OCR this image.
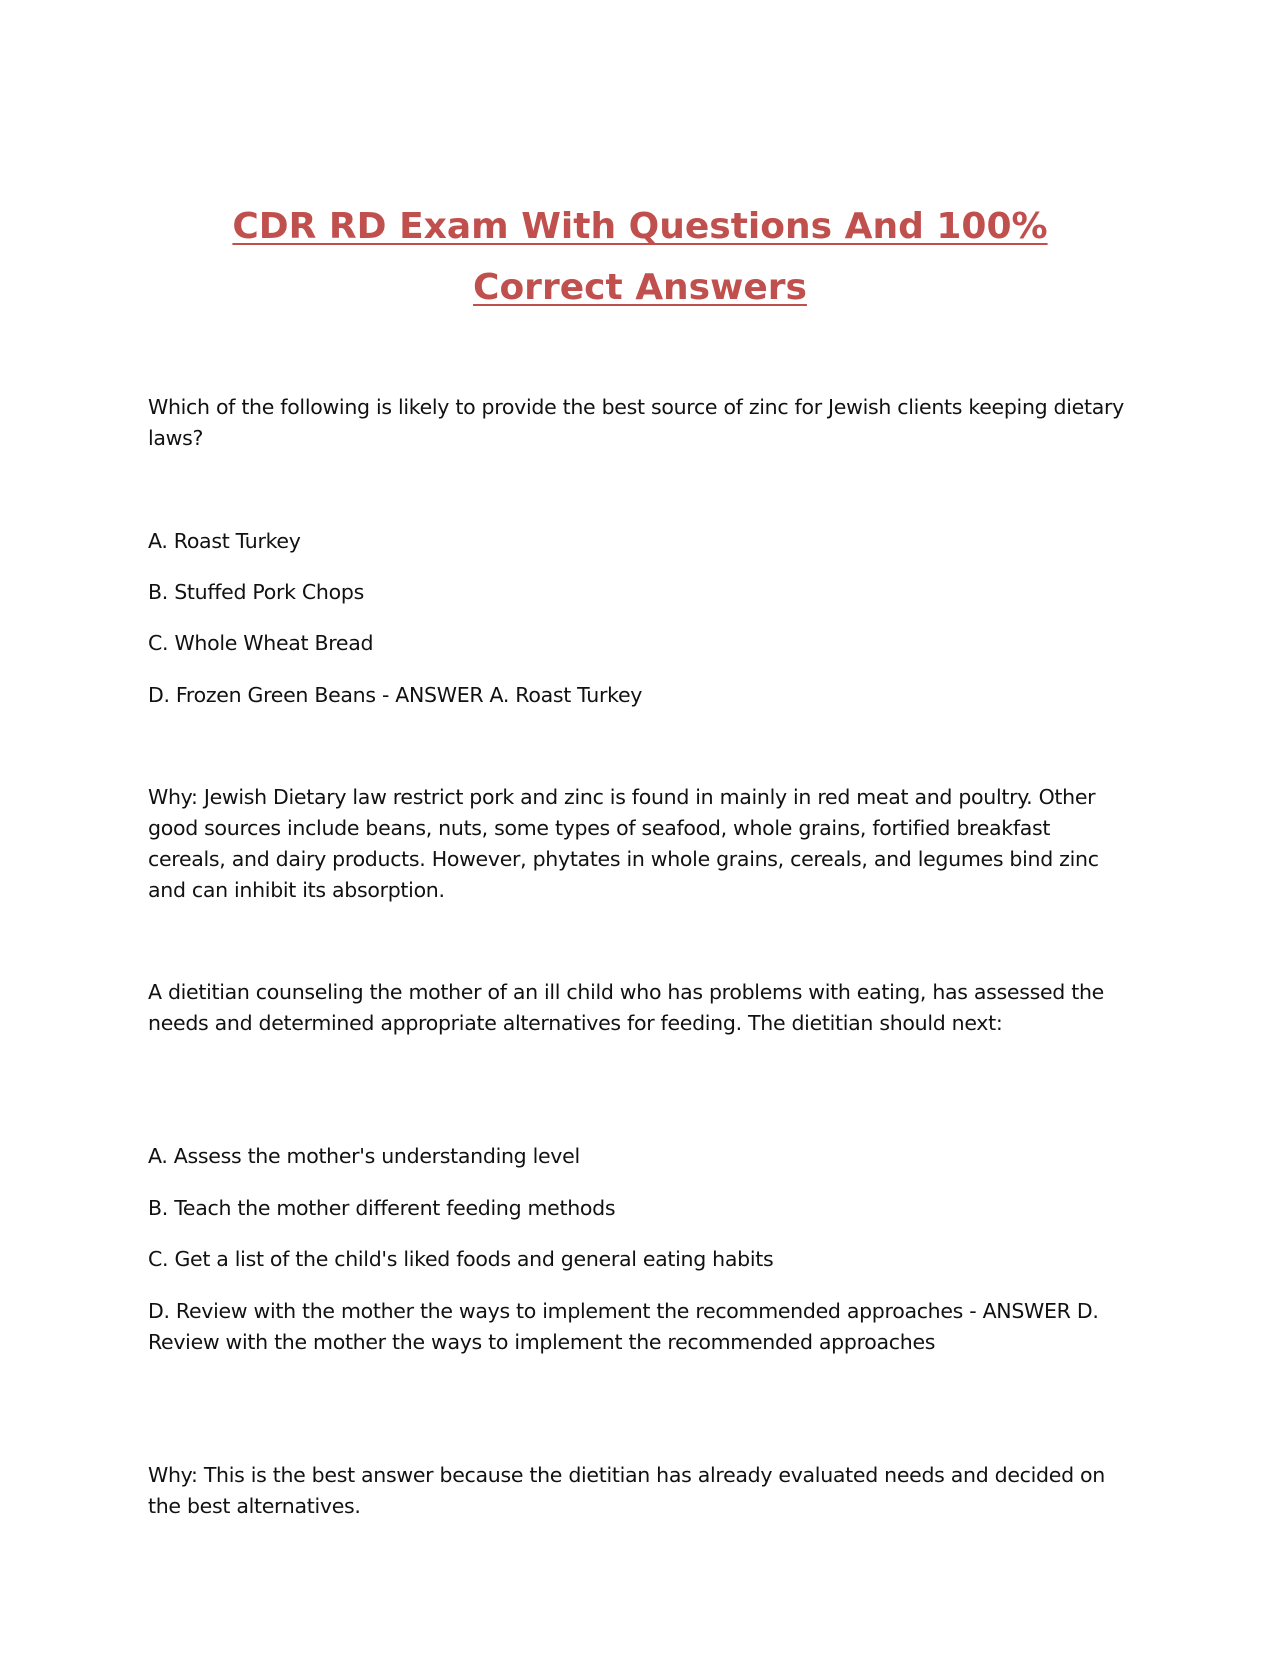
CDR RD Exam With Questions And 100%
Correct Answers

Which of the following is likely to provide the best source of zinc for Jewish clients keeping dietary laws?

A. Roast Turkey

B. Stuffed Pork Chops

C. Whole Wheat Bread

D. Frozen Green Beans - ANSWER A. Roast Turkey

Why: Jewish Dietary law restrict pork and zinc is found in mainly in red meat and poultry. Other good sources include beans, nuts, some types of seafood, whole grains, fortified breakfast cereals, and dairy products. However, phytates in whole grains, cereals, and legumes bind zinc and can inhibit its absorption.

A dietitian counseling the mother of an ill child who has problems with eating, has assessed the needs and determined appropriate alternatives for feeding. The dietitian should next:

A. Assess the mother's understanding level

B. Teach the mother different feeding methods

C. Get a list of the child's liked foods and general eating habits

D. Review with the mother the ways to implement the recommended approaches - ANSWER D. Review with the mother the ways to implement the recommended approaches

Why: This is the best answer because the dietitian has already evaluated needs and decided on the best alternatives.
